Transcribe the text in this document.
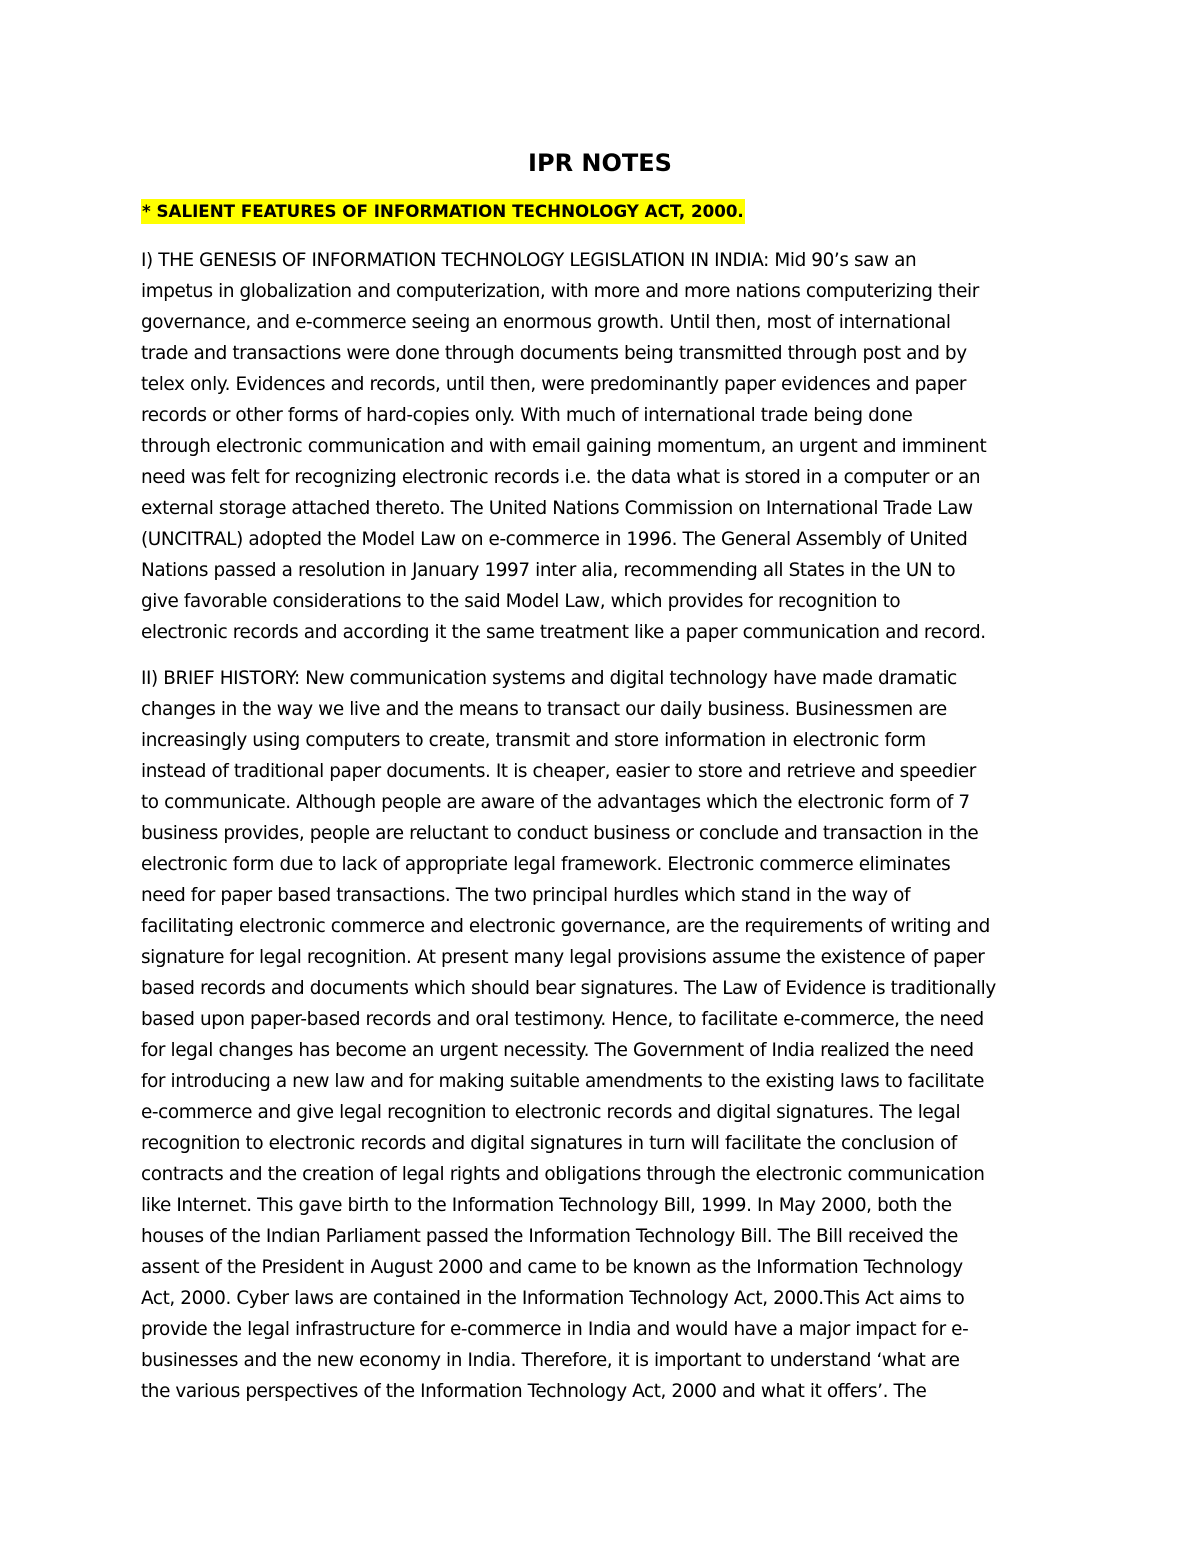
IPR NOTES
* SALIENT FEATURES OF INFORMATION TECHNOLOGY ACT, 2000.

I) THE GENESIS OF INFORMATION TECHNOLOGY LEGISLATION IN INDIA: Mid 90’s saw an
impetus in globalization and computerization, with more and more nations computerizing their
governance, and e-commerce seeing an enormous growth. Until then, most of international
trade and transactions were done through documents being transmitted through post and by
telex only. Evidences and records, until then, were predominantly paper evidences and paper
records or other forms of hard-copies only. With much of international trade being done
through electronic communication and with email gaining momentum, an urgent and imminent
need was felt for recognizing electronic records i.e. the data what is stored in a computer or an
external storage attached thereto. The United Nations Commission on International Trade Law
(UNCITRAL) adopted the Model Law on e-commerce in 1996. The General Assembly of United
Nations passed a resolution in January 1997 inter alia, recommending all States in the UN to
give favorable considerations to the said Model Law, which provides for recognition to
electronic records and according it the same treatment like a paper communication and record.

II) BRIEF HISTORY: New communication systems and digital technology have made dramatic
changes in the way we live and the means to transact our daily business. Businessmen are
increasingly using computers to create, transmit and store information in electronic form
instead of traditional paper documents. It is cheaper, easier to store and retrieve and speedier
to communicate. Although people are aware of the advantages which the electronic form of 7
business provides, people are reluctant to conduct business or conclude and transaction in the
electronic form due to lack of appropriate legal framework. Electronic commerce eliminates
need for paper based transactions. The two principal hurdles which stand in the way of
facilitating electronic commerce and electronic governance, are the requirements of writing and
signature for legal recognition. At present many legal provisions assume the existence of paper
based records and documents which should bear signatures. The Law of Evidence is traditionally
based upon paper-based records and oral testimony. Hence, to facilitate e-commerce, the need
for legal changes has become an urgent necessity. The Government of India realized the need
for introducing a new law and for making suitable amendments to the existing laws to facilitate
e-commerce and give legal recognition to electronic records and digital signatures. The legal
recognition to electronic records and digital signatures in turn will facilitate the conclusion of
contracts and the creation of legal rights and obligations through the electronic communication
like Internet. This gave birth to the Information Technology Bill, 1999. In May 2000, both the
houses of the Indian Parliament passed the Information Technology Bill. The Bill received the
assent of the President in August 2000 and came to be known as the Information Technology
Act, 2000. Cyber laws are contained in the Information Technology Act, 2000.This Act aims to
provide the legal infrastructure for e-commerce in India and would have a major impact for e-
businesses and the new economy in India. Therefore, it is important to understand ‘what are
the various perspectives of the Information Technology Act, 2000 and what it offers’. The
